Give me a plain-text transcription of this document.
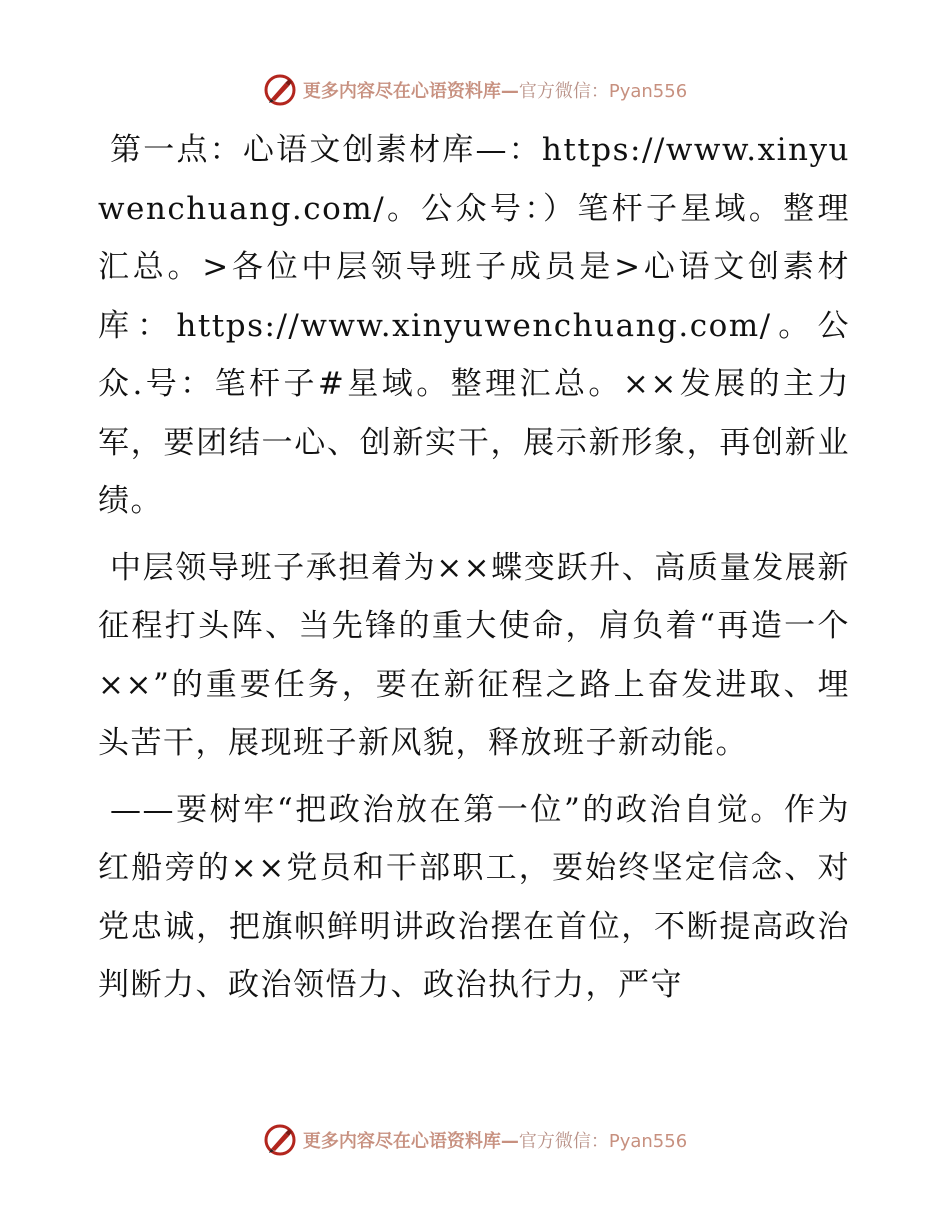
更多内容尽在心语资料库—官方微信：Pyan556

第一点：心语文创素材库—：https://www.xinyuwenchuang.com/。公众号：）笔杆子星域。整理汇总。>各位中层领导班子成员是>心语文创素材库：https://www.xinyuwenchuang.com/。公众.号：笔杆子#星域。整理汇总。××发展的主力军，要团结一心、创新实干，展示新形象，再创新业绩。

中层领导班子承担着为××蝶变跃升、高质量发展新征程打头阵、当先锋的重大使命，肩负着“再造一个××”的重要任务，要在新征程之路上奋发进取、埋头苦干，展现班子新风貌，释放班子新动能。

——要树牢“把政治放在第一位”的政治自觉。作为红船旁的××党员和干部职工，要始终坚定信念、对党忠诚，把旗帜鲜明讲政治摆在首位，不断提高政治判断力、政治领悟力、政治执行力，严守

更多内容尽在心语资料库—官方微信：Pyan556
